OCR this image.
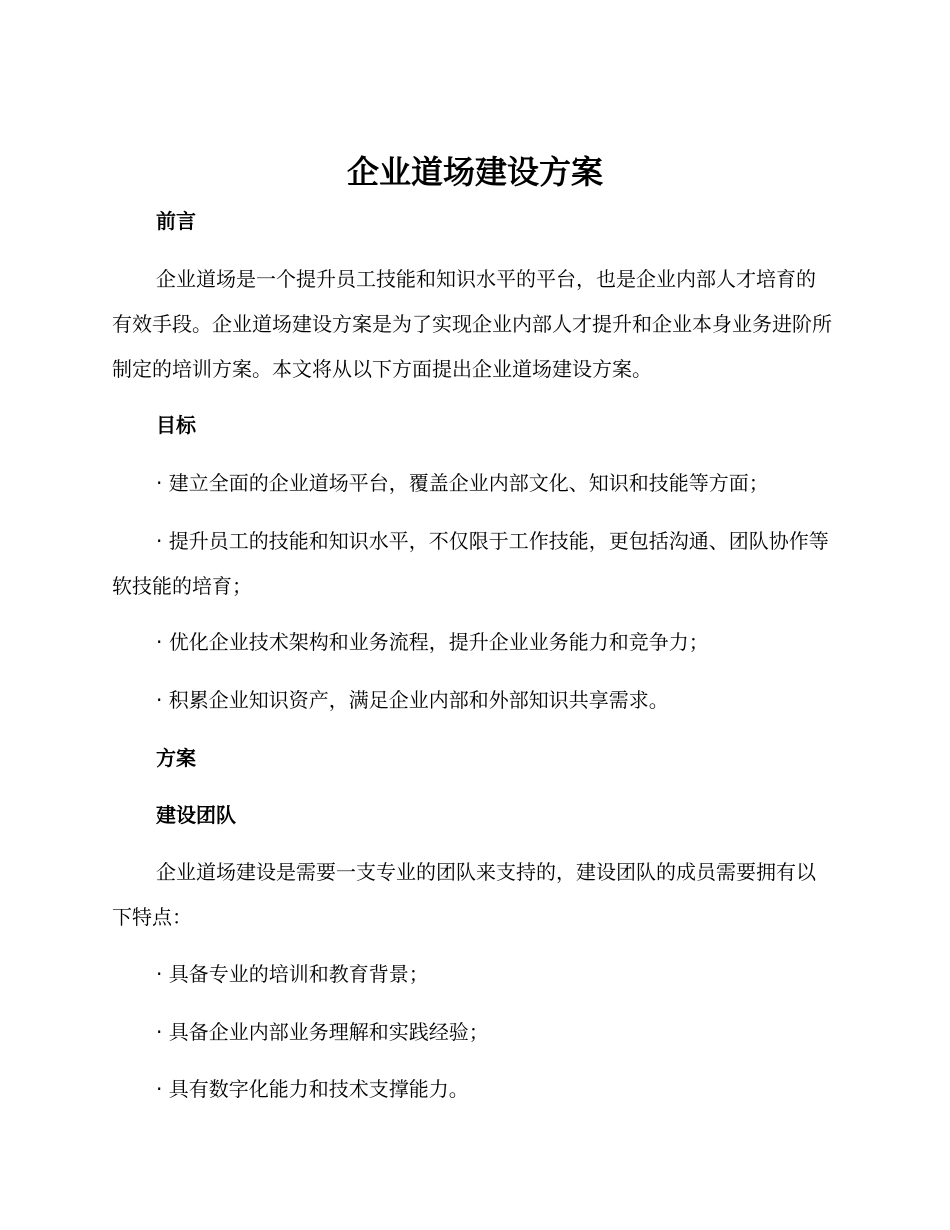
企业道场建设方案

前言

企业道场是一个提升员工技能和知识水平的平台，也是企业内部人才培育的有效手段。企业道场建设方案是为了实现企业内部人才提升和企业本身业务进阶所制定的培训方案。本文将从以下方面提出企业道场建设方案。

目标

· 建立全面的企业道场平台，覆盖企业内部文化、知识和技能等方面；

· 提升员工的技能和知识水平，不仅限于工作技能，更包括沟通、团队协作等软技能的培育；

· 优化企业技术架构和业务流程，提升企业业务能力和竞争力；

· 积累企业知识资产，满足企业内部和外部知识共享需求。

方案

建设团队

企业道场建设是需要一支专业的团队来支持的，建设团队的成员需要拥有以下特点：

· 具备专业的培训和教育背景；

· 具备企业内部业务理解和实践经验；

· 具有数字化能力和技术支撑能力。
